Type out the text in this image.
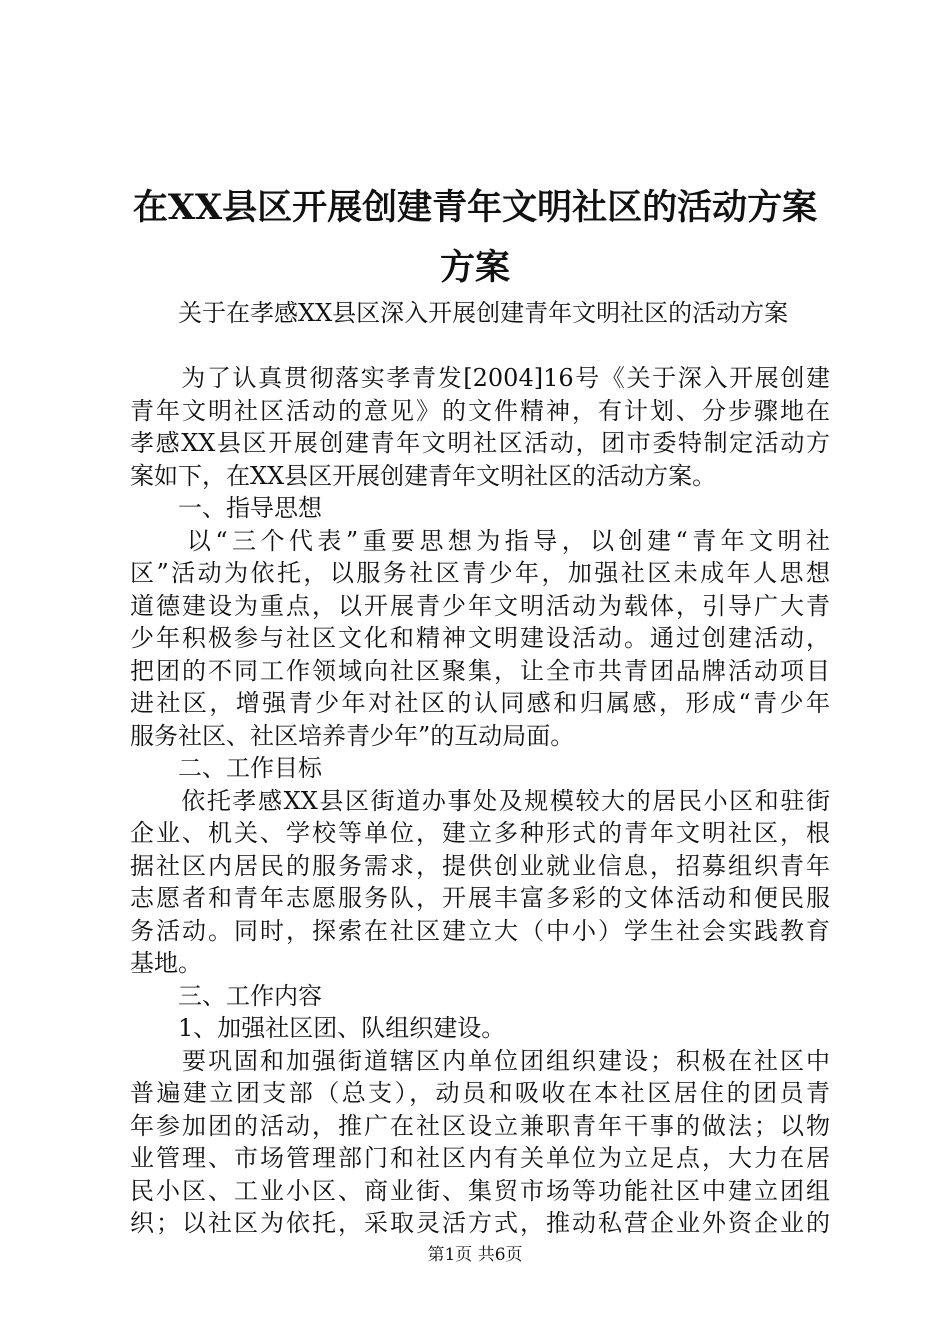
在XX县区开展创建青年文明社区的活动方案
方案
　　关于在孝感XX县区深入开展创建青年文明社区的活动方案
　　为了认真贯彻落实孝青发[2004]16号《关于深入开展创建
青年文明社区活动的意见》的文件精神，有计划、分步骤地在
孝感XX县区开展创建青年文明社区活动，团市委特制定活动方
案如下，在XX县区开展创建青年文明社区的活动方案。
　　一、指导思想
　　以“三个代表”重要思想为指导，以创建“青年文明社
区”活动为依托，以服务社区青少年，加强社区未成年人思想
道德建设为重点，以开展青少年文明活动为载体，引导广大青
少年积极参与社区文化和精神文明建设活动。通过创建活动，
把团的不同工作领域向社区聚集，让全市共青团品牌活动项目
进社区，增强青少年对社区的认同感和归属感，形成“青少年
服务社区、社区培养青少年”的互动局面。
　　二、工作目标
　　依托孝感XX县区街道办事处及规模较大的居民小区和驻街
企业、机关、学校等单位，建立多种形式的青年文明社区，根
据社区内居民的服务需求，提供创业就业信息，招募组织青年
志愿者和青年志愿服务队，开展丰富多彩的文体活动和便民服
务活动。同时，探索在社区建立大（中小）学生社会实践教育
基地。
　　三、工作内容
　　1、加强社区团、队组织建设。
　　要巩固和加强街道辖区内单位团组织建设；积极在社区中
普遍建立团支部（总支），动员和吸收在本社区居住的团员青
年参加团的活动，推广在社区设立兼职青年干事的做法；以物
业管理、市场管理部门和社区内有关单位为立足点，大力在居
民小区、工业小区、商业街、集贸市场等功能社区中建立团组
织；以社区为依托，采取灵活方式，推动私营企业外资企业的
第1页 共6页
